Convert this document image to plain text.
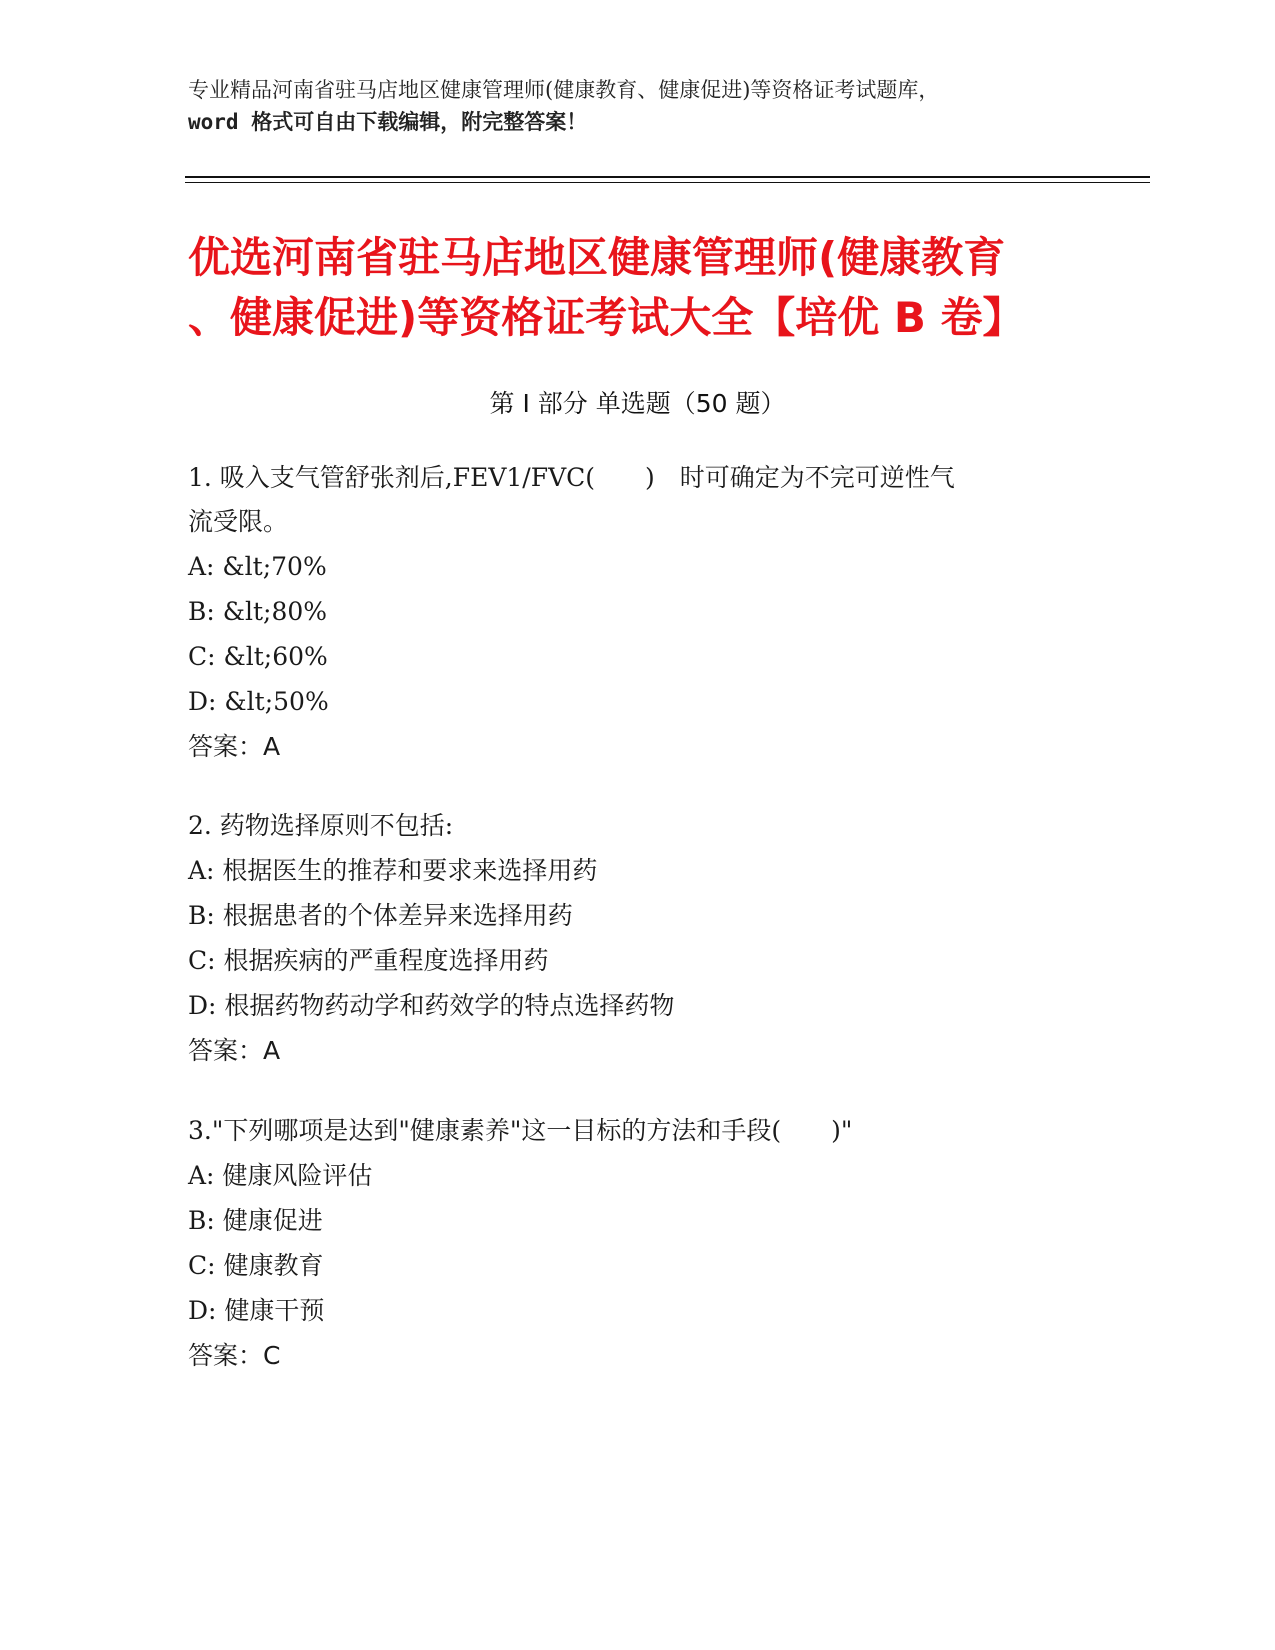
专业精品河南省驻马店地区健康管理师(健康教育、健康促进)等资格证考试题库，
word 格式可自由下载编辑，附完整答案！
优选河南省驻马店地区健康管理师(健康教育
、健康促进)等资格证考试大全【培优 B 卷】
第 I 部分 单选题（50 题）
1. 吸入支气管舒张剂后,FEV1/FVC(　　)　时可确定为不完可逆性气
流受限。
A: &lt;70%
B: &lt;80%
C: &lt;60%
D: &lt;50%
答案：A
2. 药物选择原则不包括:
A: 根据医生的推荐和要求来选择用药
B: 根据患者的个体差异来选择用药
C: 根据疾病的严重程度选择用药
D: 根据药物药动学和药效学的特点选择药物
答案：A
3."下列哪项是达到"健康素养"这一目标的方法和手段(　　)"
A: 健康风险评估
B: 健康促进
C: 健康教育
D: 健康干预
答案：C
